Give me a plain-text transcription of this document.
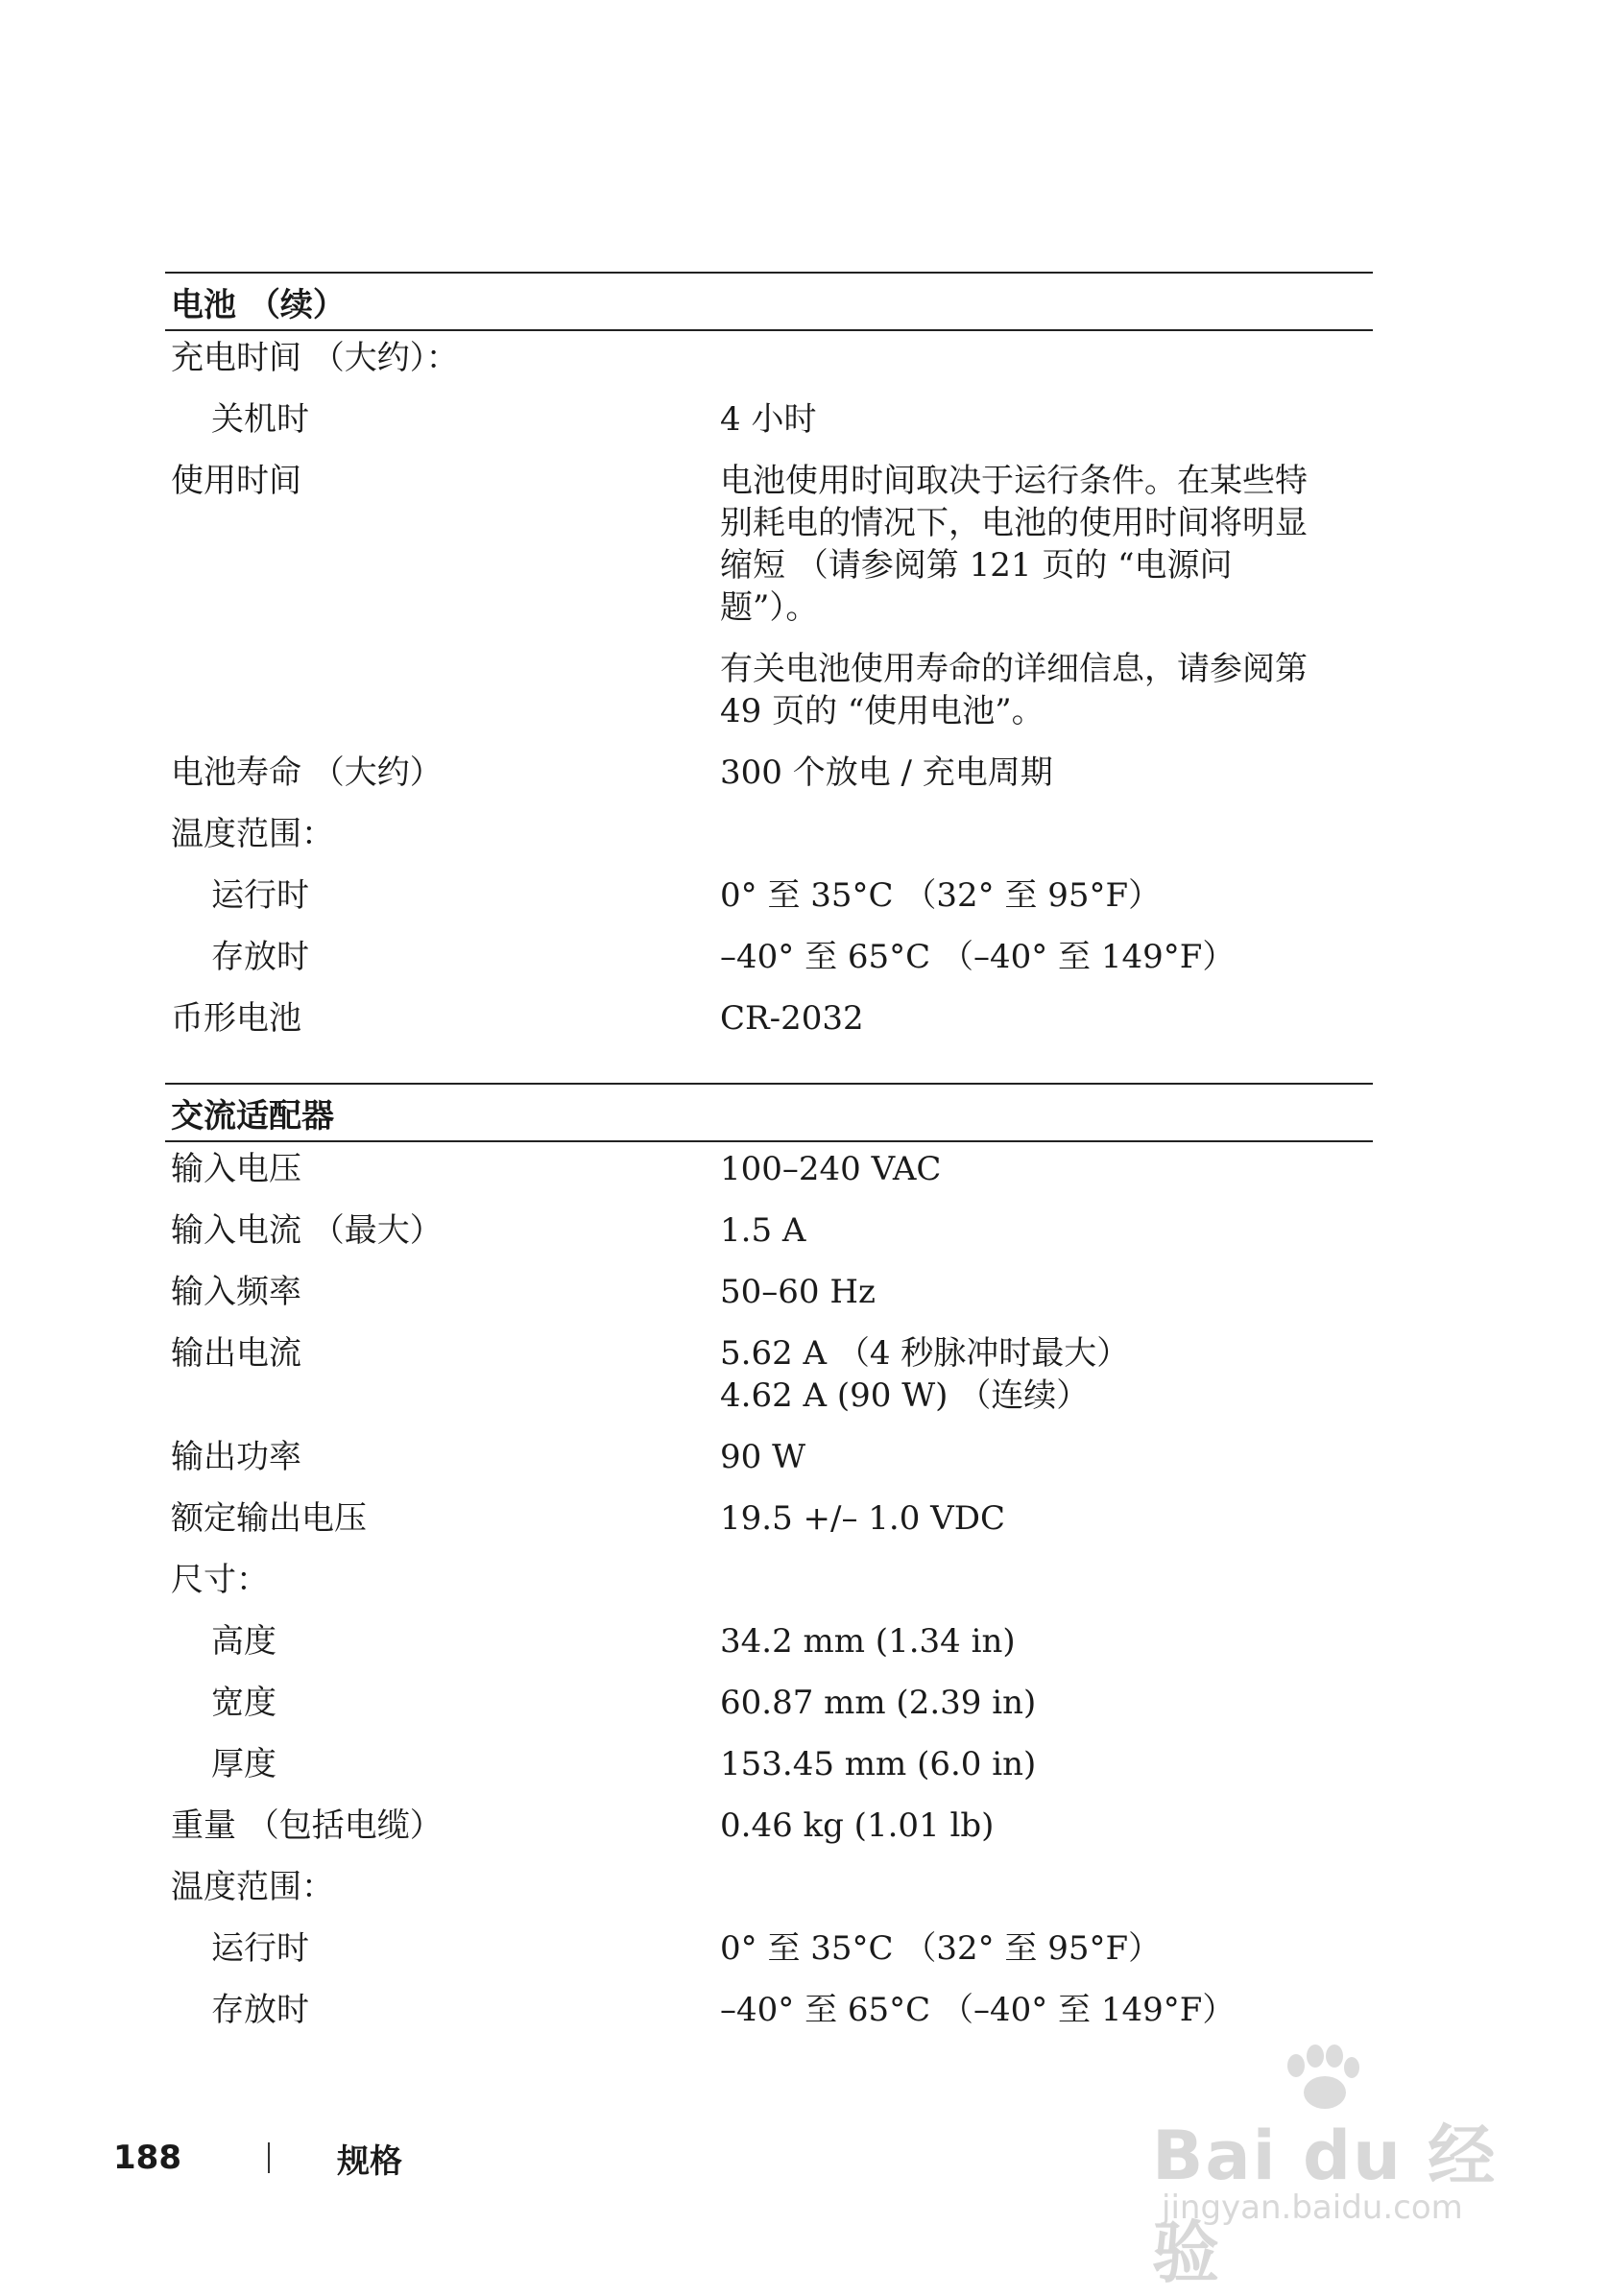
电池 （续）
充电时间 （大约）：
关机时	4 小时
使用时间	电池使用时间取决于运行条件。在某些特
别耗电的情况下，电池的使用时间将明显
缩短 （请参阅第 121 页的 “电源问
题”）。
有关电池使用寿命的详细信息，请参阅第
49 页的 “使用电池”。
电池寿命 （大约）	300 个放电 / 充电周期
温度范围：
运行时	0° 至 35°C （32° 至 95°F）
存放时	–40° 至 65°C （–40° 至 149°F）
币形电池	CR-2032
交流适配器
输入电压	100–240 VAC
输入电流 （最大）	1.5 A
输入频率	50–60 Hz
输出电流	5.62 A （4 秒脉冲时最大）
4.62 A (90 W) （连续）
输出功率	90 W
额定输出电压	19.5 +/– 1.0 VDC
尺寸：
高度	34.2 mm (1.34 in)
宽度	60.87 mm (2.39 in)
厚度	153.45 mm (6.0 in)
重量 （包括电缆）	0.46 kg (1.01 lb)
温度范围：
运行时	0° 至 35°C （32° 至 95°F）
存放时	–40° 至 65°C （–40° 至 149°F）
188	规格	Bai du 经验
jingyan.baidu.com
